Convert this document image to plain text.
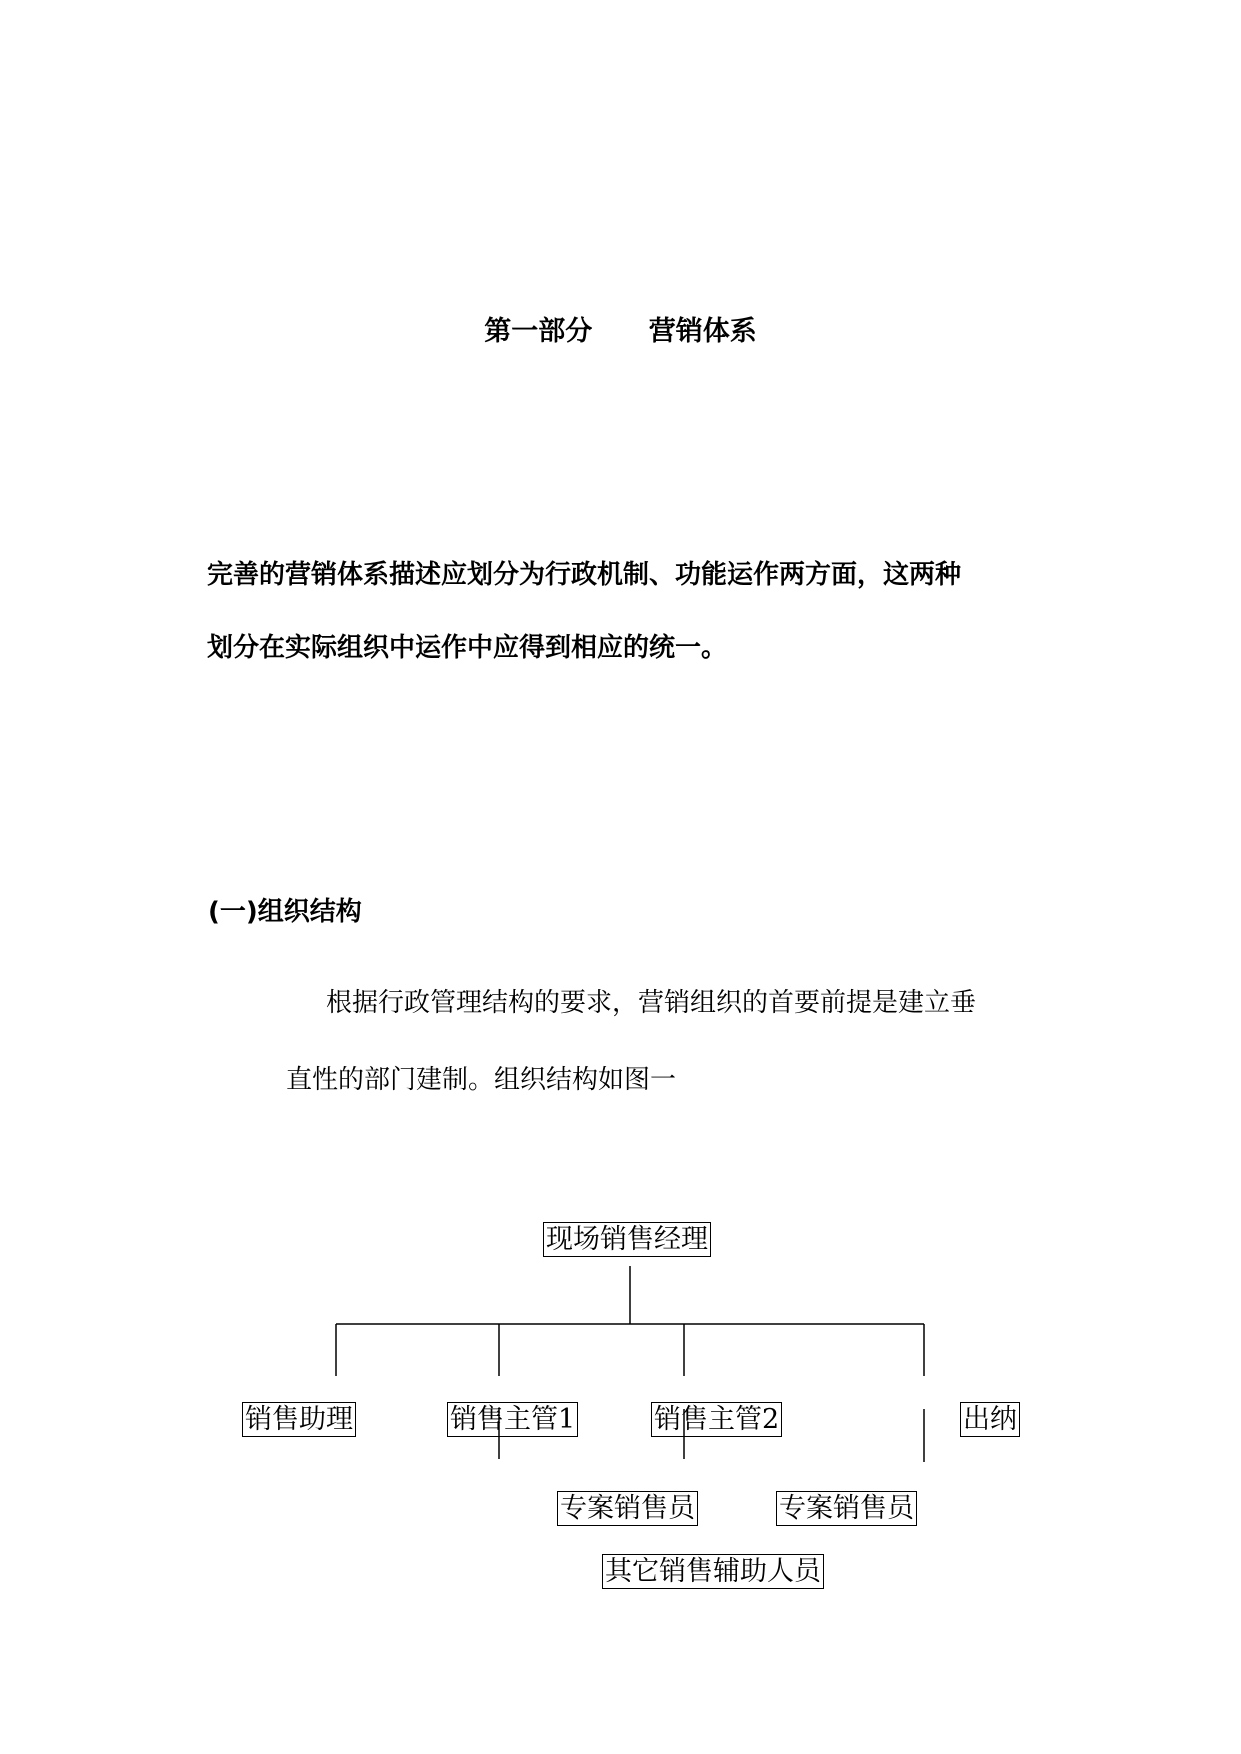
第一部分      营销体系
完善的营销体系描述应划分为行政机制、功能运作两方面，这两种
划分在实际组织中运作中应得到相应的统一。
(一)组织结构
根据行政管理结构的要求，营销组织的首要前提是建立垂
直性的部门建制。组织结构如图一
现场销售经理
销售助理	销售主管1	销售主管2	出纳
专案销售员	专案销售员
其它销售辅助人员
